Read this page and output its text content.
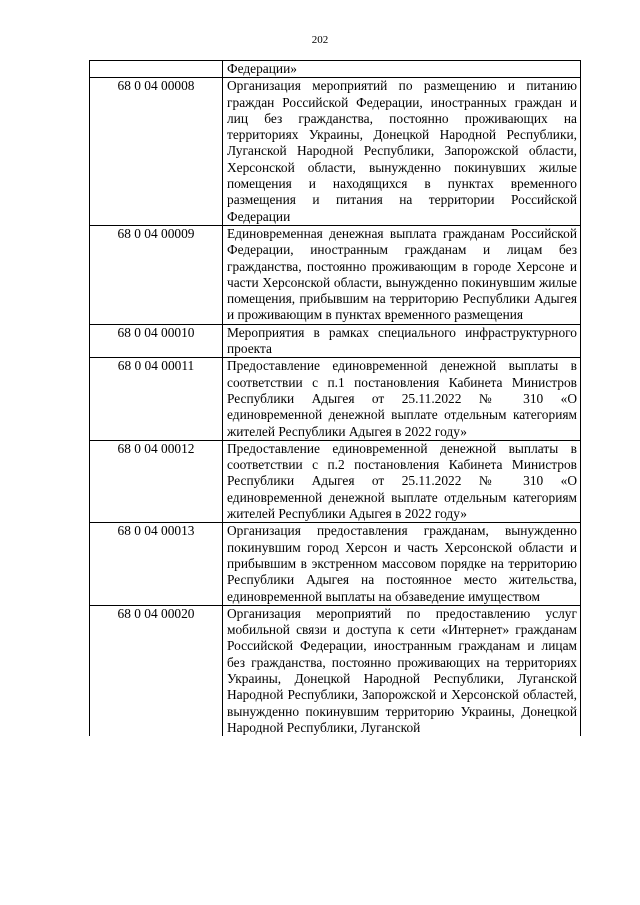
202
	Федерации»
68 0 04 00008	Организация мероприятий по размещению и питанию граждан Российской Федерации, иностранных граждан и лиц без гражданства, постоянно проживающих на территориях Украины, Донецкой Народной Республики, Луганской Народной Республики, Запорожской области, Херсонской области, вынужденно покинувших жилые помещения и находящихся в пунктах временного размещения и питания на территории Российской Федерации
68 0 04 00009	Единовременная денежная выплата гражданам Российской Федерации, иностранным гражданам и лицам без гражданства, постоянно проживающим в городе Херсоне и части Херсонской области, вынужденно покинувшим жилые помещения, прибывшим на территорию Республики Адыгея и проживающим в пунктах временного размещения
68 0 04 00010	Мероприятия в рамках специального инфраструктурного проекта
68 0 04 00011	Предоставление единовременной денежной выплаты в соответствии с п.1 постановления Кабинета Министров Республики Адыгея от 25.11.2022 № 310 «О единовременной денежной выплате отдельным категориям жителей Республики Адыгея в 2022 году»
68 0 04 00012	Предоставление единовременной денежной выплаты в соответствии с п.2 постановления Кабинета Министров Республики Адыгея от 25.11.2022 № 310 «О единовременной денежной выплате отдельным категориям жителей Республики Адыгея в 2022 году»
68 0 04 00013	Организация предоставления гражданам, вынужденно покинувшим город Херсон и часть Херсонской области и прибывшим в экстренном массовом порядке на территорию Республики Адыгея на постоянное место жительства, единовременной выплаты на обзаведение имуществом
68 0 04 00020	Организация мероприятий по предоставлению услуг мобильной связи и доступа к сети «Интернет» гражданам Российской Федерации, иностранным гражданам и лицам без гражданства, постоянно проживающих на территориях Украины, Донецкой Народной Республики, Луганской Народной Республики, Запорожской и Херсонской областей, вынужденно покинувшим территорию Украины, Донецкой Народной Республики, Луганской
